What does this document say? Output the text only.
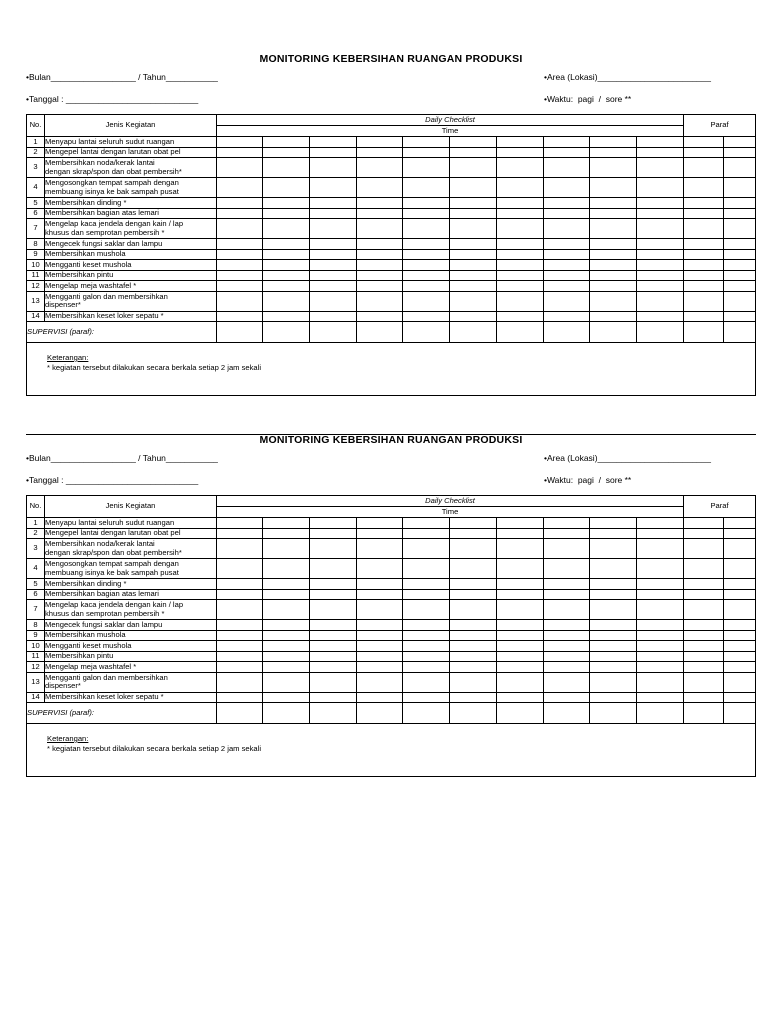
MONITORING KEBERSIHAN RUANGAN PRODUKSI
•Bulan__________________ / Tahun___________	•Area (Lokasi)________________________
•Tanggal : ____________________________	•Waktu:  pagi  /  sore **
No.	Jenis Kegiatan	Daily Checklist										Paraf	
		Time											
1	Menyapu lantai seluruh sudut ruangan												

2	Mengepel lantai dengan larutan obat pel												

3	Membersihkan noda/kerak lantai
dengan skrap/spon dan obat pembersih*												

4	Mengosongkan tempat sampah dengan
membuang isinya ke bak sampah pusat												

5	Membersihkan dinding *												

6	Membersihkan bagian atas lemari												

7	Mengelap kaca jendela dengan kain / lap
khusus dan semprotan pembersih *												

8	Mengecek fungsi saklar dan lampu												

9	Membersihkan mushola												

10	Mengganti keset mushola												

11	Membersihkan pintu												

12	Mengelap meja washtafel *												

13	Mengganti galon dan membersihkan
dispenser*												

14	Membersihkan keset loker sepatu *												

SUPERVISI (paraf):													
Keterangan:
* kegiatan tersebut dilakukan secara berkala setiap 2 jam sekali
MONITORING KEBERSIHAN RUANGAN PRODUKSI
•Bulan__________________ / Tahun___________	•Area (Lokasi)________________________
•Tanggal : ____________________________	•Waktu:  pagi  /  sore **
No.	Jenis Kegiatan	Daily Checklist										Paraf	
		Time											
1	Menyapu lantai seluruh sudut ruangan												

2	Mengepel lantai dengan larutan obat pel												

3	Membersihkan noda/kerak lantai
dengan skrap/spon dan obat pembersih*												

4	Mengosongkan tempat sampah dengan
membuang isinya ke bak sampah pusat												

5	Membersihkan dinding *												

6	Membersihkan bagian atas lemari												

7	Mengelap kaca jendela dengan kain / lap
khusus dan semprotan pembersih *												

8	Mengecek fungsi saklar dan lampu												

9	Membersihkan mushola												

10	Mengganti keset mushola												

11	Membersihkan pintu												

12	Mengelap meja washtafel *												

13	Mengganti galon dan membersihkan
dispenser*												

14	Membersihkan keset loker sepatu *												

SUPERVISI (paraf):													
Keterangan:
* kegiatan tersebut dilakukan secara berkala setiap 2 jam sekali
